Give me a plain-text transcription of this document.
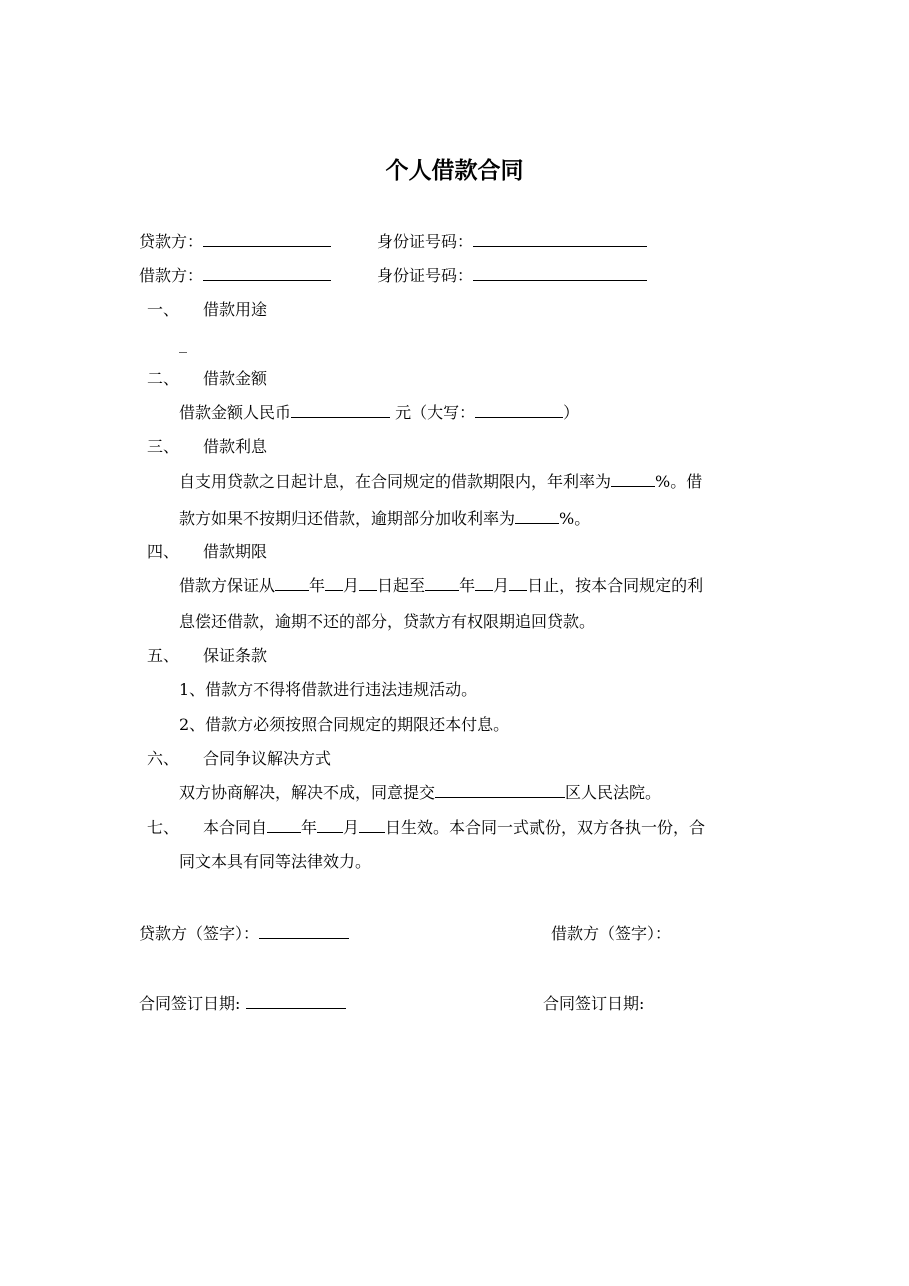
个人借款合同
贷款方：	身份证号码：
借款方：	身份证号码：
一、 借款用途
_
二、 借款金额
借款金额人民币	元（大写：	）
三、 借款利息
自支用贷款之日起计息，在合同规定的借款期限内，年利率为	%。借
款方如果不按期归还借款，逾期部分加收利率为	%。
四、 借款期限
借款方保证从 年 月 日起至 年 月 日止，按本合同规定的利
息偿还借款，逾期不还的部分，贷款方有权限期追回贷款。
五、 保证条款
1、借款方不得将借款进行违法违规活动。
2、借款方必须按照合同规定的期限还本付息。
六、 合同争议解决方式
双方协商解决，解决不成，同意提交	区人民法院。
七、 本合同自 年 月 日生效。本合同一式贰份，双方各执一份，合
同文本具有同等法律效力。
贷款方（签字）：	借款方（签字）：
合同签订日期:	合同签订日期:
